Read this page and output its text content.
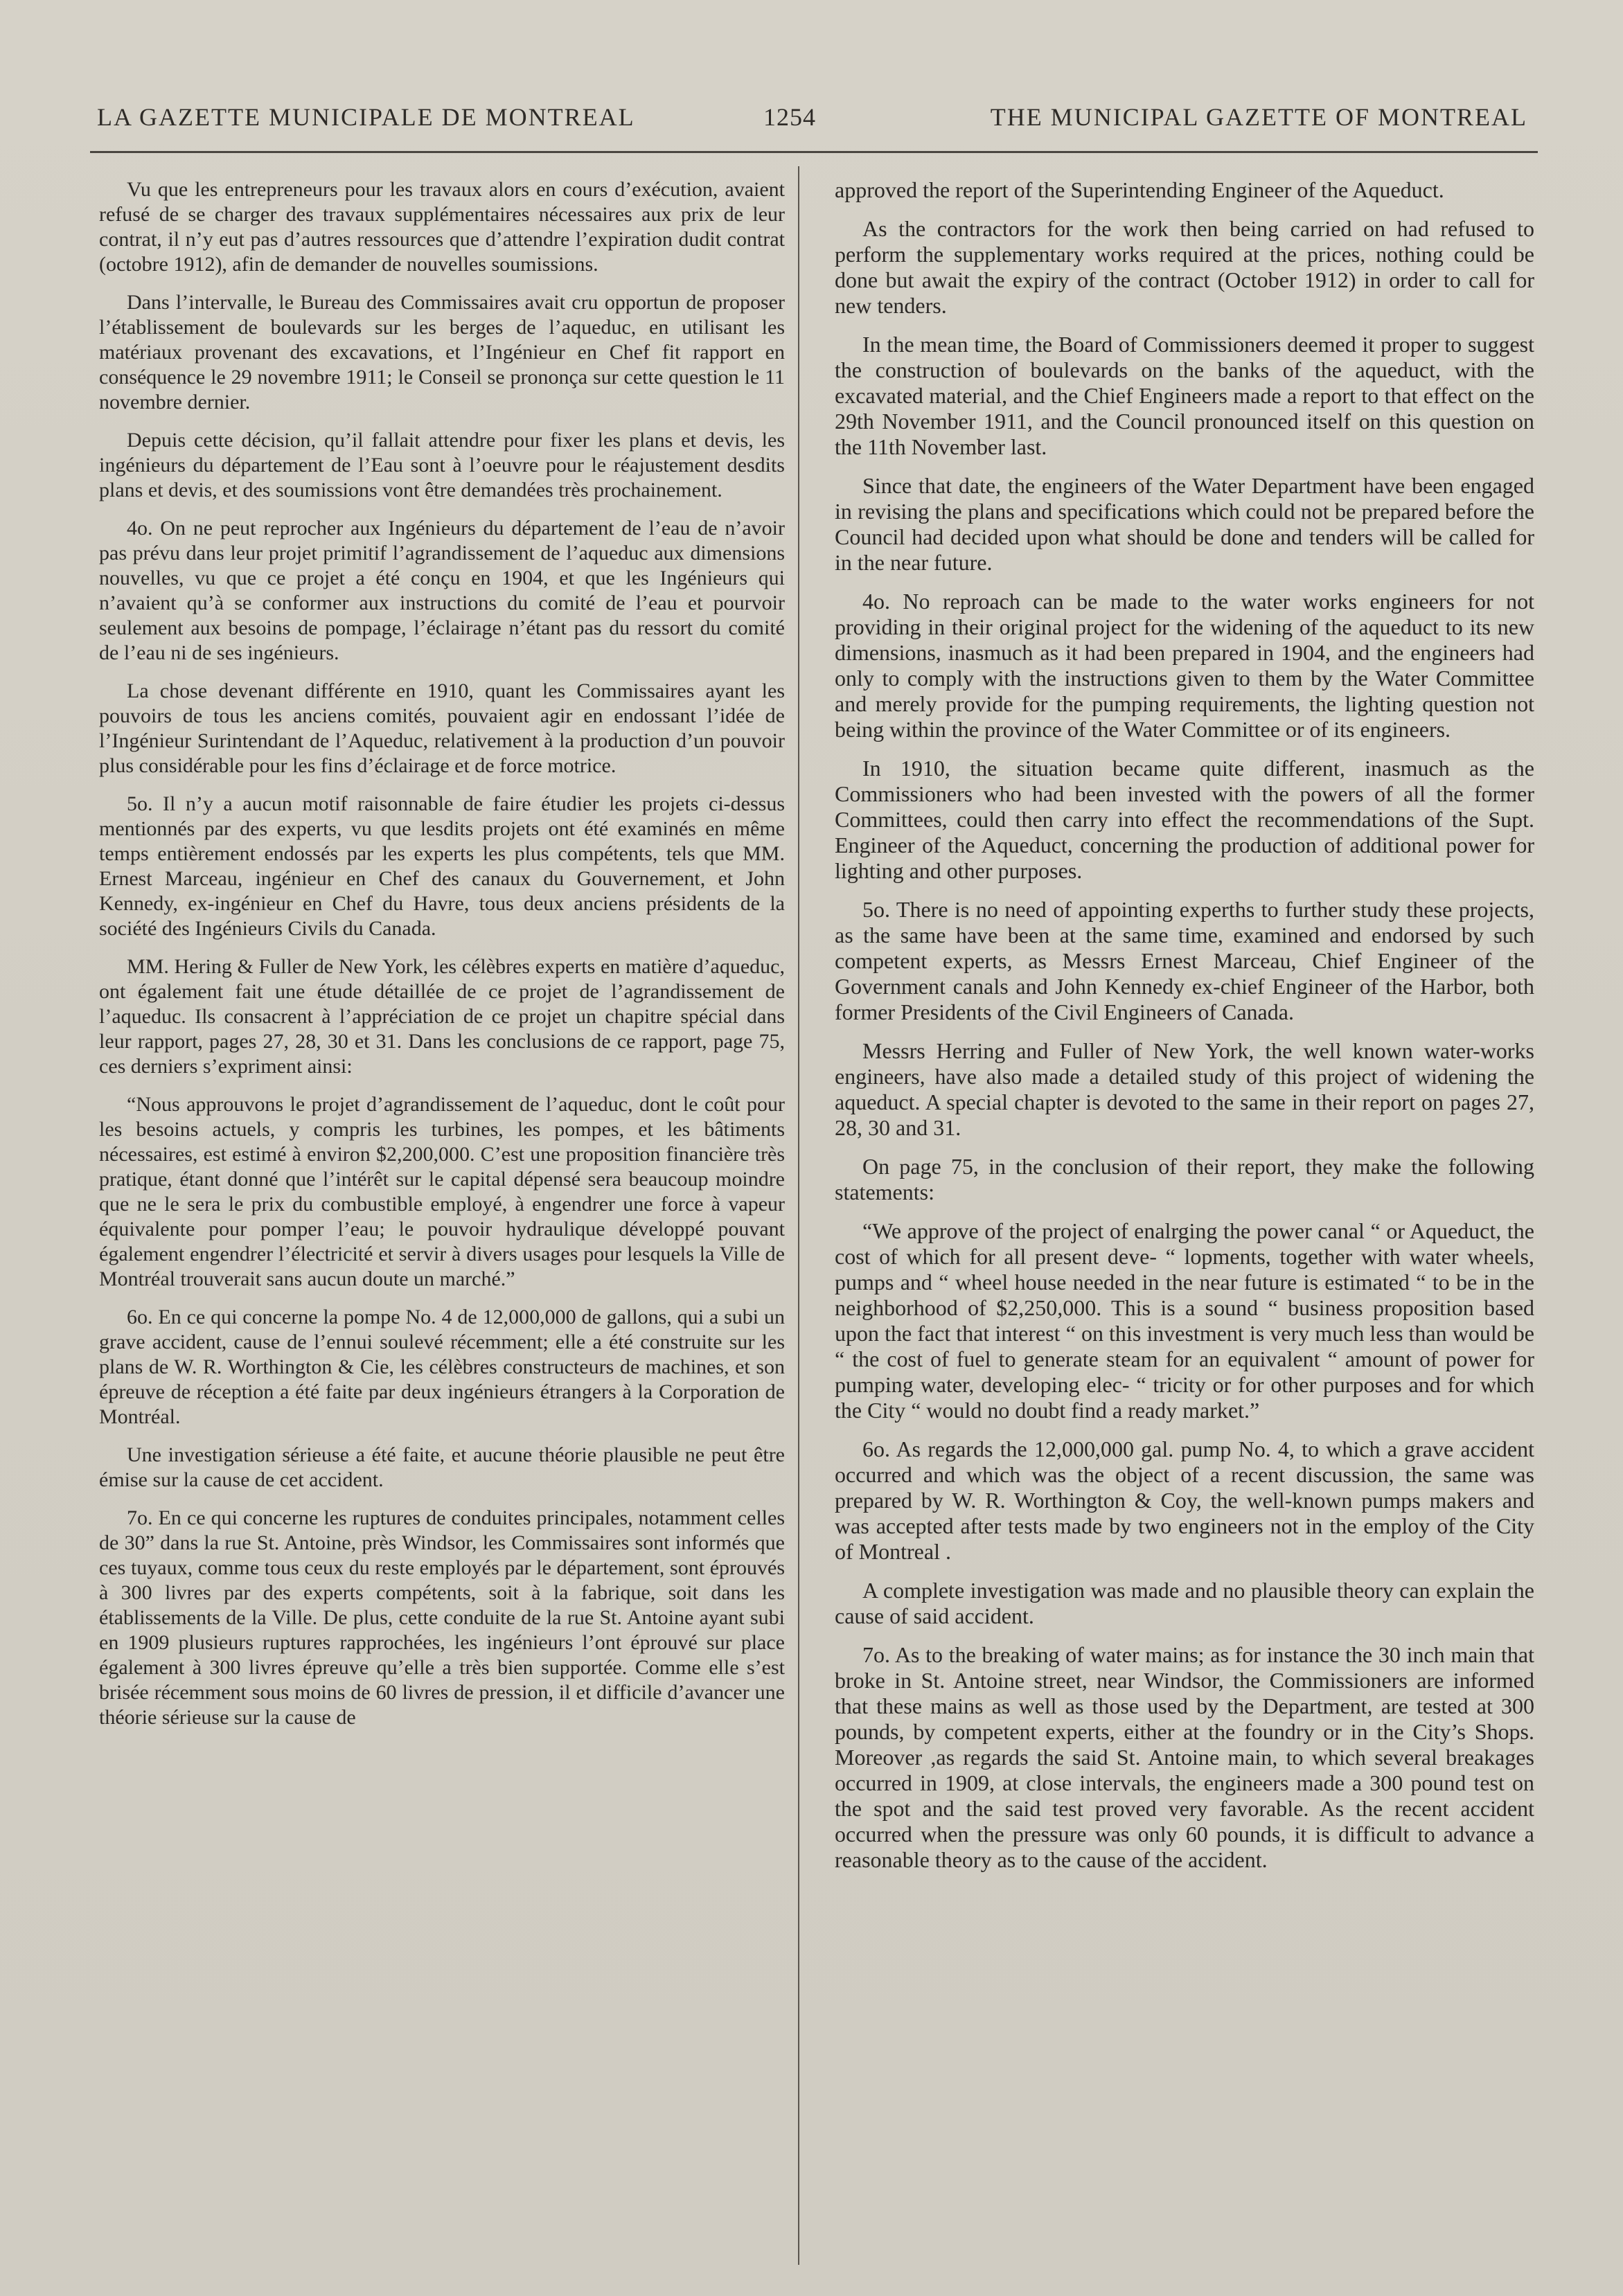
LA GAZETTE MUNICIPALE DE MONTREAL	1254	THE MUNICIPAL GAZETTE OF MONTREAL

Vu que les entrepreneurs pour les travaux alors en cours d’exécution, avaient refusé de se charger des travaux supplémentaires nécessaires aux prix de leur contrat, il n’y eut pas d’autres ressources que d’attendre l’expiration dudit contrat (octobre 1912), afin de demander de nouvelles soumissions.

Dans l’intervalle, le Bureau des Commissaires avait cru opportun de proposer l’établissement de boulevards sur les berges de l’aqueduc, en utilisant les matériaux provenant des excavations, et l’Ingénieur en Chef fit rapport en conséquence le 29 novembre 1911; le Conseil se prononça sur cette question le 11 novembre dernier.

Depuis cette décision, qu’il fallait attendre pour fixer les plans et devis, les ingénieurs du département de l’Eau sont à l’oeuvre pour le réajustement desdits plans et devis, et des soumissions vont être demandées très prochainement.

4o. On ne peut reprocher aux Ingénieurs du département de l’eau de n’avoir pas prévu dans leur projet primitif l’agrandissement de l’aqueduc aux dimensions nouvelles, vu que ce projet a été conçu en 1904, et que les Ingénieurs qui n’avaient qu’à se conformer aux instructions du comité de l’eau et pourvoir seulement aux besoins de pompage, l’éclairage n’étant pas du ressort du comité de l’eau ni de ses ingénieurs.

La chose devenant différente en 1910, quant les Commissaires ayant les pouvoirs de tous les anciens comités, pouvaient agir en endossant l’idée de l’Ingénieur Surintendant de l’Aqueduc, relativement à la production d’un pouvoir plus considérable pour les fins d’éclairage et de force motrice.

5o. Il n’y a aucun motif raisonnable de faire étudier les projets ci-dessus mentionnés par des experts, vu que lesdits projets ont été examinés en même temps entièrement endossés par les experts les plus compétents, tels que MM. Ernest Marceau, ingénieur en Chef des canaux du Gouvernement, et John Kennedy, ex-ingénieur en Chef du Havre, tous deux anciens présidents de la société des Ingénieurs Civils du Canada.

MM. Hering & Fuller de New York, les célèbres experts en matière d’aqueduc, ont également fait une étude détaillée de ce projet de l’agrandissement de l’aqueduc. Ils consacrent à l’appréciation de ce projet un chapitre spécial dans leur rapport, pages 27, 28, 30 et 31. Dans les conclusions de ce rapport, page 75, ces derniers s’expriment ainsi:

“Nous approuvons le projet d’agrandissement de l’aqueduc, dont le coût pour les besoins actuels, y compris les turbines, les pompes, et les bâtiments nécessaires, est estimé à environ $2,200,000. C’est une proposition financière très pratique, étant donné que l’intérêt sur le capital dépensé sera beaucoup moindre que ne le sera le prix du combustible employé, à engendrer une force à vapeur équivalente pour pomper l’eau; le pouvoir hydraulique développé pouvant également engendrer l’électricité et servir à divers usages pour lesquels la Ville de Montréal trouverait sans aucun doute un marché.”

6o. En ce qui concerne la pompe No. 4 de 12,000,000 de gallons, qui a subi un grave accident, cause de l’ennui soulevé récemment; elle a été construite sur les plans de W. R. Worthington & Cie, les célèbres constructeurs de machines, et son épreuve de réception a été faite par deux ingénieurs étrangers à la Corporation de Montréal.

Une investigation sérieuse a été faite, et aucune théorie plausible ne peut être émise sur la cause de cet accident.

7o. En ce qui concerne les ruptures de conduites principales, notamment celles de 30” dans la rue St. Antoine, près Windsor, les Commissaires sont informés que ces tuyaux, comme tous ceux du reste employés par le département, sont éprouvés à 300 livres par des experts compétents, soit à la fabrique, soit dans les établissements de la Ville. De plus, cette conduite de la rue St. Antoine ayant subi en 1909 plusieurs ruptures rapprochées, les ingénieurs l’ont éprouvé sur place également à 300 livres épreuve qu’elle a très bien supportée. Comme elle s’est brisée récemment sous moins de 60 livres de pression, il et difficile d’avancer une théorie sérieuse sur la cause de

approved the report of the Superintending Engineer of the Aqueduct.

As the contractors for the work then being carried on had refused to perform the supplementary works required at the prices, nothing could be done but await the expiry of the contract (October 1912) in order to call for new tenders.

In the mean time, the Board of Commissioners deemed it proper to suggest the construction of boulevards on the banks of the aqueduct, with the excavated material, and the Chief Engineers made a report to that effect on the 29th November 1911, and the Council pronounced itself on this question on the 11th November last.

Since that date, the engineers of the Water Department have been engaged in revising the plans and specifications which could not be prepared before the Council had decided upon what should be done and tenders will be called for in the near future.

4o. No reproach can be made to the water works engineers for not providing in their original project for the widening of the aqueduct to its new dimensions, inasmuch as it had been prepared in 1904, and the engineers had only to comply with the instructions given to them by the Water Committee and merely provide for the pumping requirements, the lighting question not being within the province of the Water Committee or of its engineers.

In 1910, the situation became quite different, inasmuch as the Commissioners who had been invested with the powers of all the former Committees, could then carry into effect the recommendations of the Supt. Engineer of the Aqueduct, concerning the production of additional power for lighting and other purposes.

5o. There is no need of appointing experths to further study these projects, as the same have been at the same time, examined and endorsed by such competent experts, as Messrs Ernest Marceau, Chief Engineer of the Government canals and John Kennedy ex-chief Engineer of the Harbor, both former Presidents of the Civil Engineers of Canada.

Messrs Herring and Fuller of New York, the well known water-works engineers, have also made a detailed study of this project of widening the aqueduct. A special chapter is devoted to the same in their report on pages 27, 28, 30 and 31.

On page 75, in the conclusion of their report, they make the following statements:

“We approve of the project of enalrging the power canal “ or Aqueduct, the cost of which for all present deve- “ lopments, together with water wheels, pumps and “ wheel house needed in the near future is estimated “ to be in the neighborhood of $2,250,000. This is a sound “ business proposition based upon the fact that interest “ on this investment is very much less than would be “ the cost of fuel to generate steam for an equivalent “ amount of power for pumping water, developing elec- “ tricity or for other purposes and for which the City “ would no doubt find a ready market.”

6o. As regards the 12,000,000 gal. pump No. 4, to which a grave accident occurred and which was the object of a recent discussion, the same was prepared by W. R. Worthington & Coy, the well-known pumps makers and was accepted after tests made by two engineers not in the employ of the City of Montreal .

A complete investigation was made and no plausible theory can explain the cause of said accident.

7o. As to the breaking of water mains; as for instance the 30 inch main that broke in St. Antoine street, near Windsor, the Commissioners are informed that these mains as well as those used by the Department, are tested at 300 pounds, by competent experts, either at the foundry or in the City’s Shops. Moreover ,as regards the said St. Antoine main, to which several breakages occurred in 1909, at close intervals, the engineers made a 300 pound test on the spot and the said test proved very favorable. As the recent accident occurred when the pressure was only 60 pounds, it is difficult to advance a reasonable theory as to the cause of the accident.
